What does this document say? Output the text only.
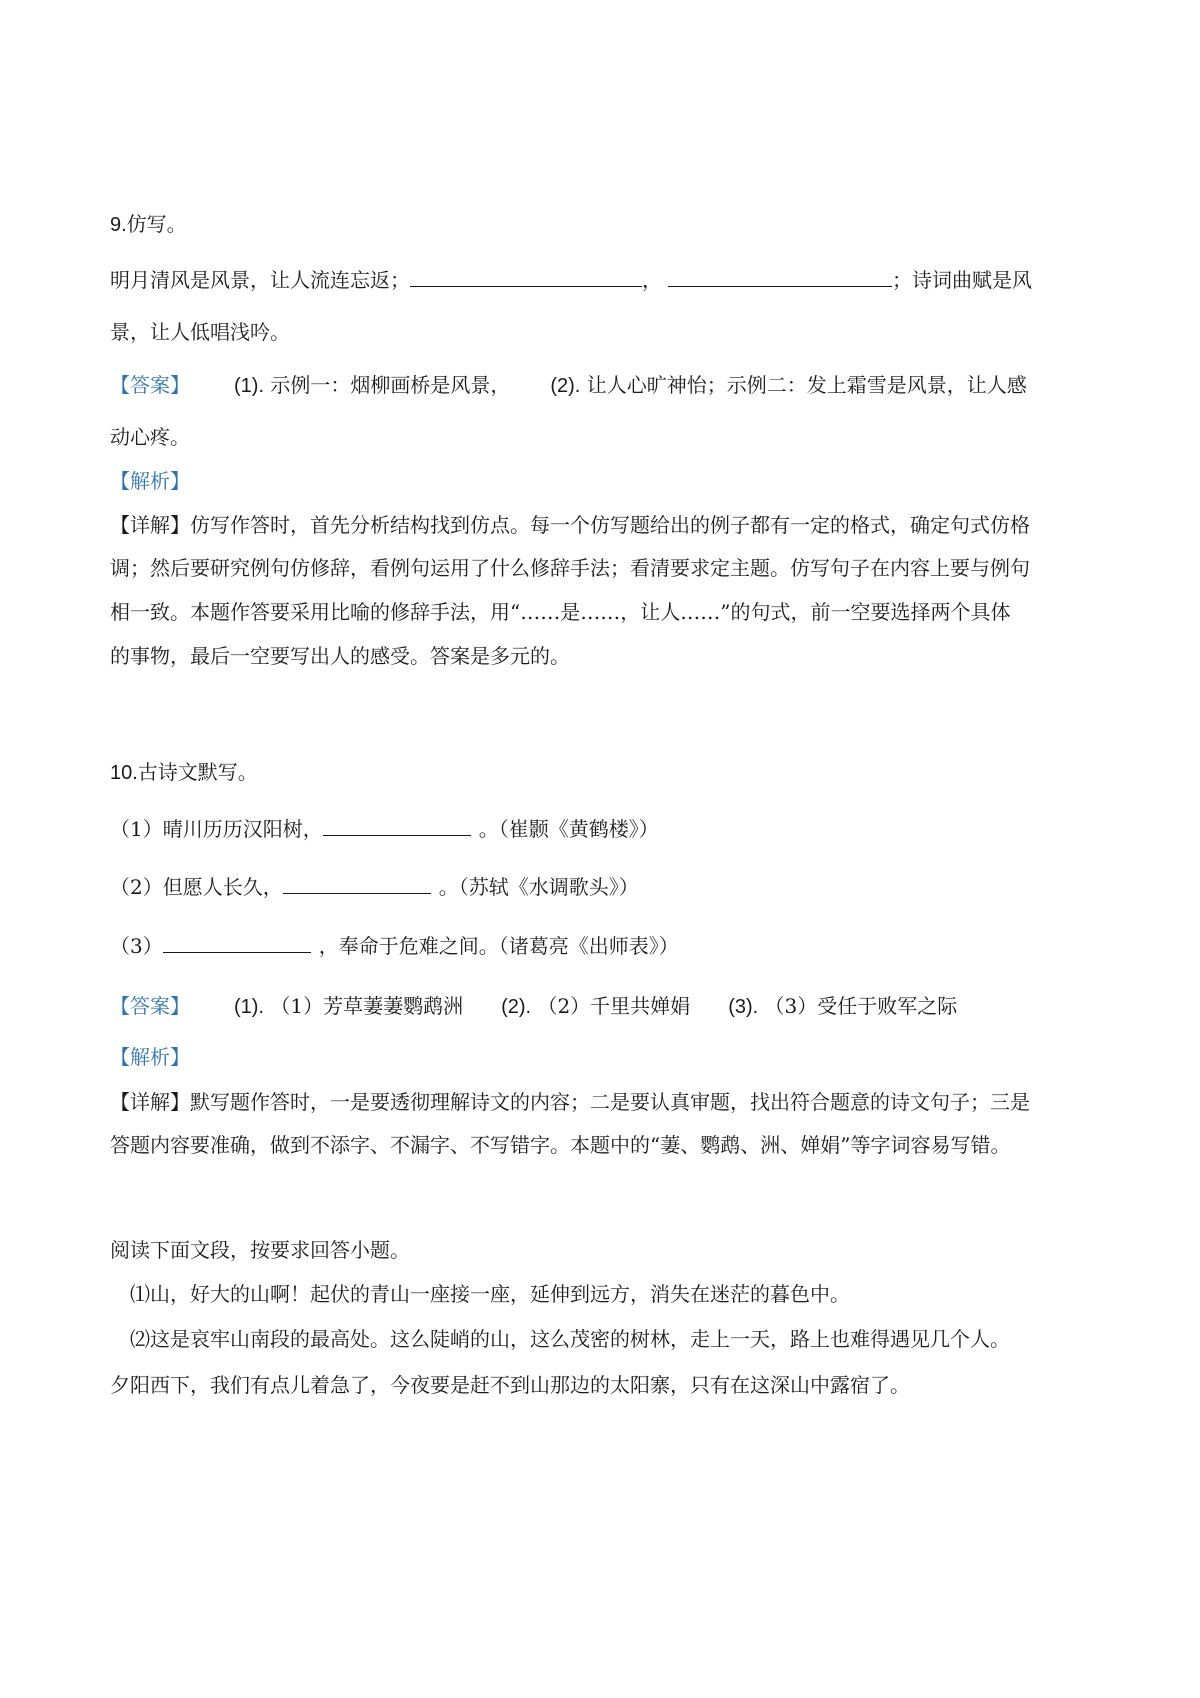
9.仿写。
明月清风是风景，让人流连忘返；	，	；诗词曲赋是风
景，让人低唱浅吟。
【答案】 (1). 示例一：烟柳画桥是风景， (2). 让人心旷神怡；示例二：发上霜雪是风景，让人感
动心疼。
【解析】
【详解】仿写作答时，首先分析结构找到仿点。每一个仿写题给出的例子都有一定的格式，确定句式仿格
调；然后要研究例句仿修辞，看例句运用了什么修辞手法；看清要求定主题。仿写句子在内容上要与例句
相一致。本题作答要采用比喻的修辞手法，用“……是……，让人……”的句式，前一空要选择两个具体
的事物，最后一空要写出人的感受。答案是多元的。
10.古诗文默写。
（1）晴川历历汉阳树，	。（崔颢《黄鹤楼》）
（2）但愿人长久，	。（苏轼《水调歌头》）
（3）	，奉命于危难之间。（诸葛亮《出师表》）
【答案】 (1). （1）芳草萋萋鹦鹉洲 (2). （2）千里共婵娟 (3). （3）受任于败军之际
【解析】
【详解】默写题作答时，一是要透彻理解诗文的内容；二是要认真审题，找出符合题意的诗文句子；三是
答题内容要准确，做到不添字、不漏字、不写错字。本题中的“萋、鹦鹉、洲、婵娟”等字词容易写错。
阅读下面文段，按要求回答小题。
⑴山，好大的山啊！起伏的青山一座接一座，延伸到远方，消失在迷茫的暮色中。
⑵这是哀牢山南段的最高处。这么陡峭的山，这么茂密的树林，走上一天，路上也难得遇见几个人。
夕阳西下，我们有点儿着急了，今夜要是赶不到山那边的太阳寨，只有在这深山中露宿了。
